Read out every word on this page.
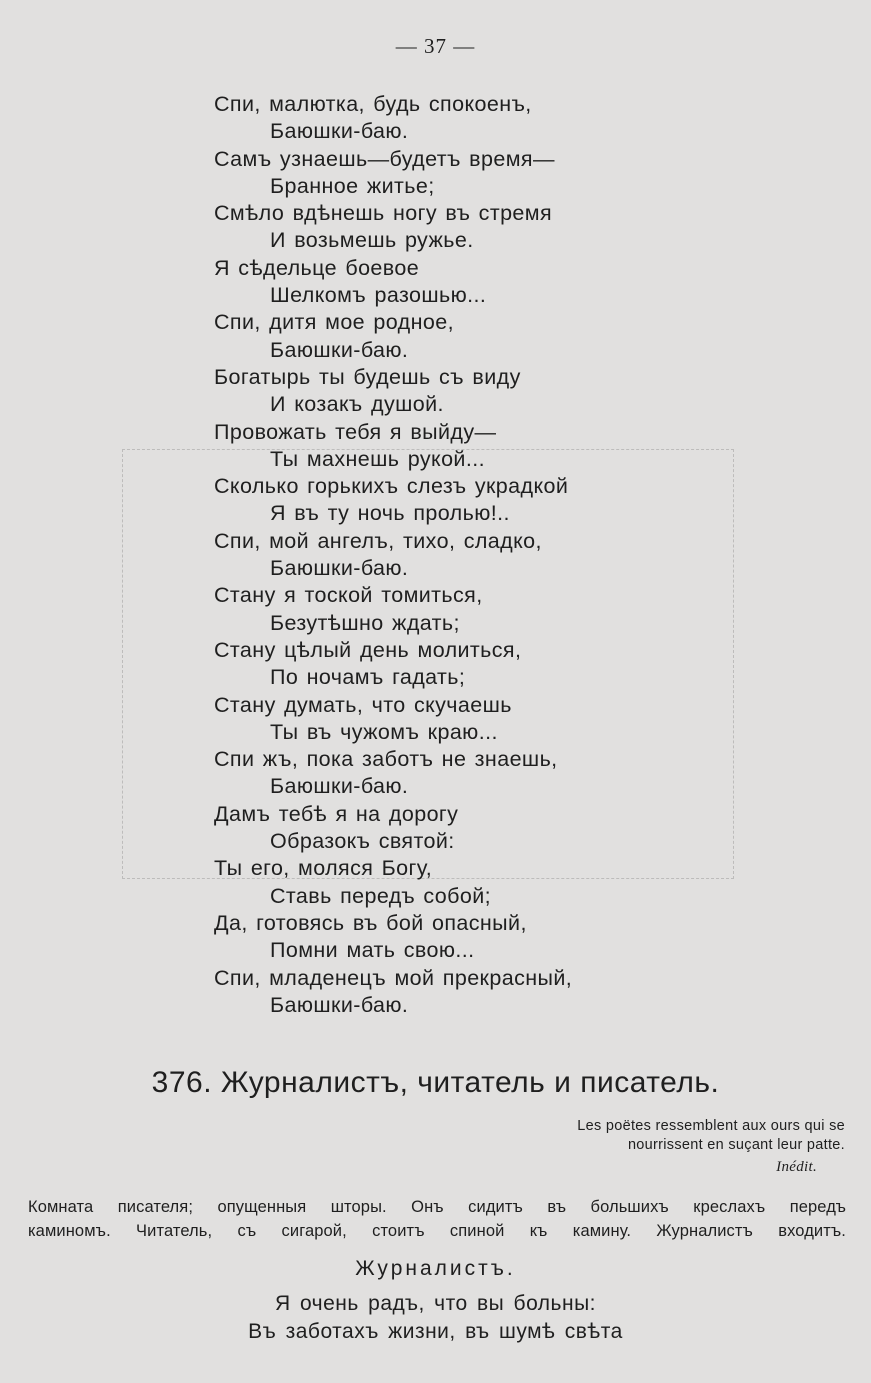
— 37 —
Спи, малютка, будь спокоенъ,
Баюшки-баю.
Самъ узнаешь—будетъ время—
Бранное житье;
Смѣло вдѣнешь ногу въ стремя
И возьмешь ружье.
Я сѣдельце боевое
Шелкомъ разошью...
Спи, дитя мое родное,
Баюшки-баю.
Богатырь ты будешь съ виду
И козакъ душой.
Провожать тебя я выйду—
Ты махнешь рукой...
Сколько горькихъ слезъ украдкой
Я въ ту ночь пролью!..
Спи, мой ангелъ, тихо, сладко,
Баюшки-баю.
Стану я тоской томиться,
Безутѣшно ждать;
Стану цѣлый день молиться,
По ночамъ гадать;
Стану думать, что скучаешь
Ты въ чужомъ краю...
Спи жъ, пока заботъ не знаешь,
Баюшки-баю.
Дамъ тебѣ я на дорогу
Образокъ святой:
Ты его, моляся Богу,
Ставь передъ собой;
Да, готовясь въ бой опасный,
Помни мать свою...
Спи, младенецъ мой прекрасный,
Баюшки-баю.
376. Журналистъ, читатель и писатель.
Les poëtes ressemblent aux ours qui se
nourrissent en suçant leur patte.
Inédit.
Комната писателя; опущенныя шторы. Онъ сидитъ въ большихъ креслахъ передъ
каминомъ. Читатель, съ сигарой, стоитъ спиной къ камину. Журналистъ входитъ.
Журналистъ.
Я очень радъ, что вы больны:
Въ заботахъ жизни, въ шумѣ свѣта
